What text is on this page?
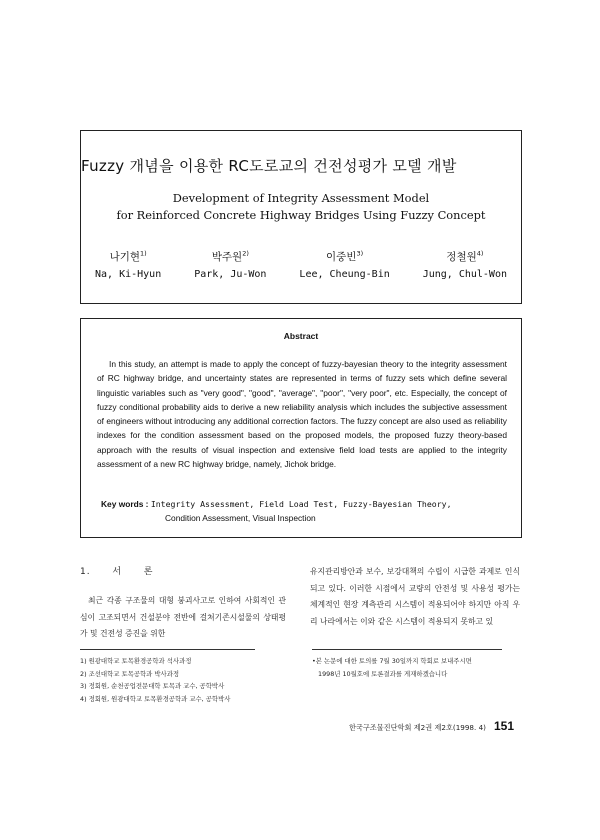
Fuzzy 개념을 이용한 RC도로교의 건전성평가 모델 개발
Development of Integrity Assessment Model
for Reinforced Concrete Highway Bridges Using Fuzzy Concept
나기현$^{1)}$
Na, Ki-Hyun
박주원$^{2)}$
Park, Ju-Won
이중빈$^{3)}$
Lee, Cheung-Bin
정철원$^{4)}$
Jung, Chul-Won
Abstract

In this study, an attempt is made to apply the concept of fuzzy-bayesian theory to the integrity assessment of RC highway bridge, and uncertainty states are represented in terms of fuzzy sets which define several linguistic variables such as "very good", "good", "average", "poor", "very poor", etc. Especially, the concept of fuzzy conditional probability aids to derive a new reliability analysis which includes the subjective assessment of engineers without introducing any additional correction factors. The fuzzy concept are also used as reliability indexes for the condition assessment based on the proposed models, the proposed fuzzy theory-based approach with the results of visual inspection and extensive field load tests are applied to the integrity assessment of a new RC highway bridge, namely, Jichok bridge.

Key words : Integrity Assessment, Field Load Test, Fuzzy-Bayesian Theory,
Condition Assessment, Visual Inspection
1. 서 론

최근 각종 구조물의 대형 붕괴사고로 인하여 사회적인 관심이 고조되면서 건설분야 전반에 걸쳐기존시설물의 상태평가 및 건전성 증진을 위한

유지관리방안과 보수, 보강대책의 수립이 시급한 과제로 인식되고 있다. 이러한 시점에서 교량의 안전성 및 사용성 평가는 체계적인 현장 계측관리 시스템이 적용되어야 하지만 아직 우리 나라에서는 이와 같은 시스템이 적용되지 못하고 있

1) 원광대학교 토목환경공학과 석사과정
2) 조선대학교 토목공학과 박사과정
3) 정회원, 순천공업전문대학 토목과 교수, 공학박사
4) 정회원, 원광대학교 토목환경공학과 교수, 공학박사
•본 논문에 대한 토의를 7월 30일까지 학회로 보내주시면
1998년 10월호에 토론결과를 게재하겠습니다
한국구조물진단학회 제2권 제2호(1998. 4) 151
